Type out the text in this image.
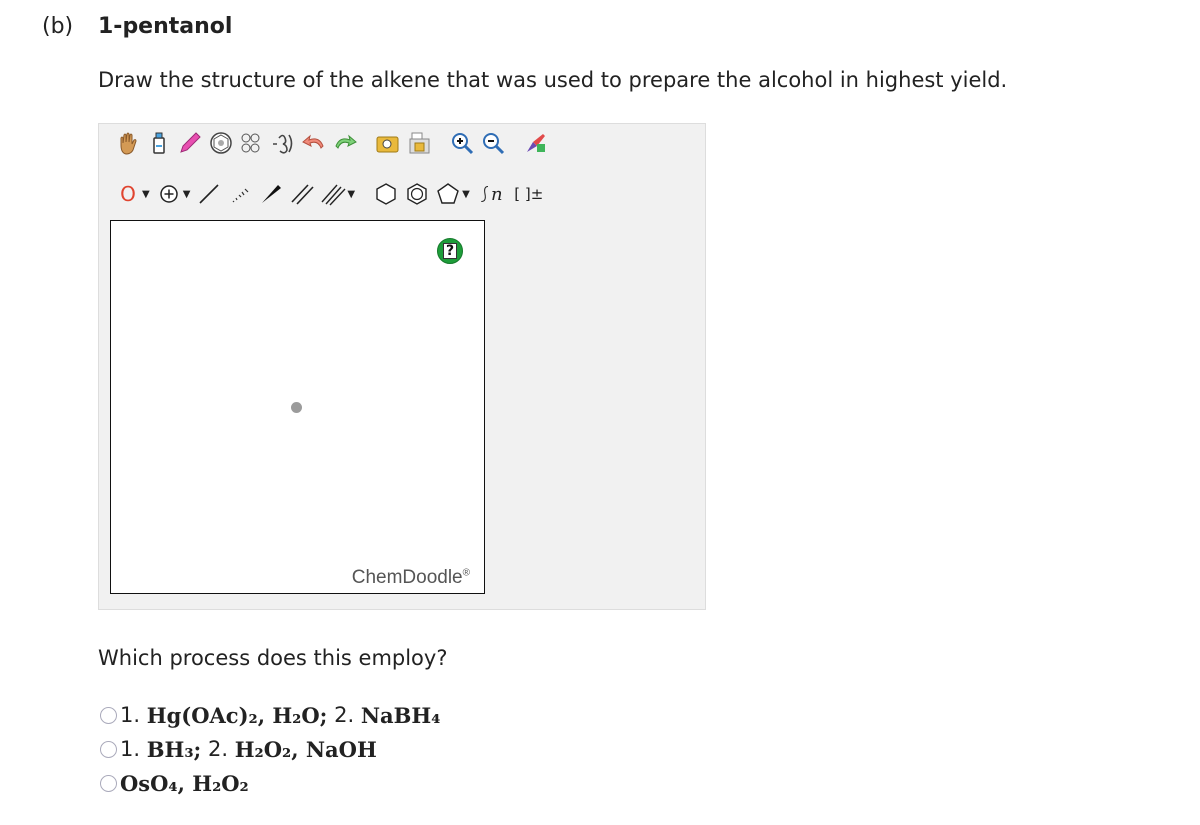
(b) 1-pentanol
Draw the structure of the alkene that was used to prepare the alcohol in highest yield.
O ▼	▼	▼	▼ n [ ]±
?
ChemDoodle®
Which process does this employ?
1.
Hg(OAc)₂, H₂O;
2.
NaBH₄
1.
BH₃;
2.
H₂O₂, NaOH
OsO₄, H₂O₂
